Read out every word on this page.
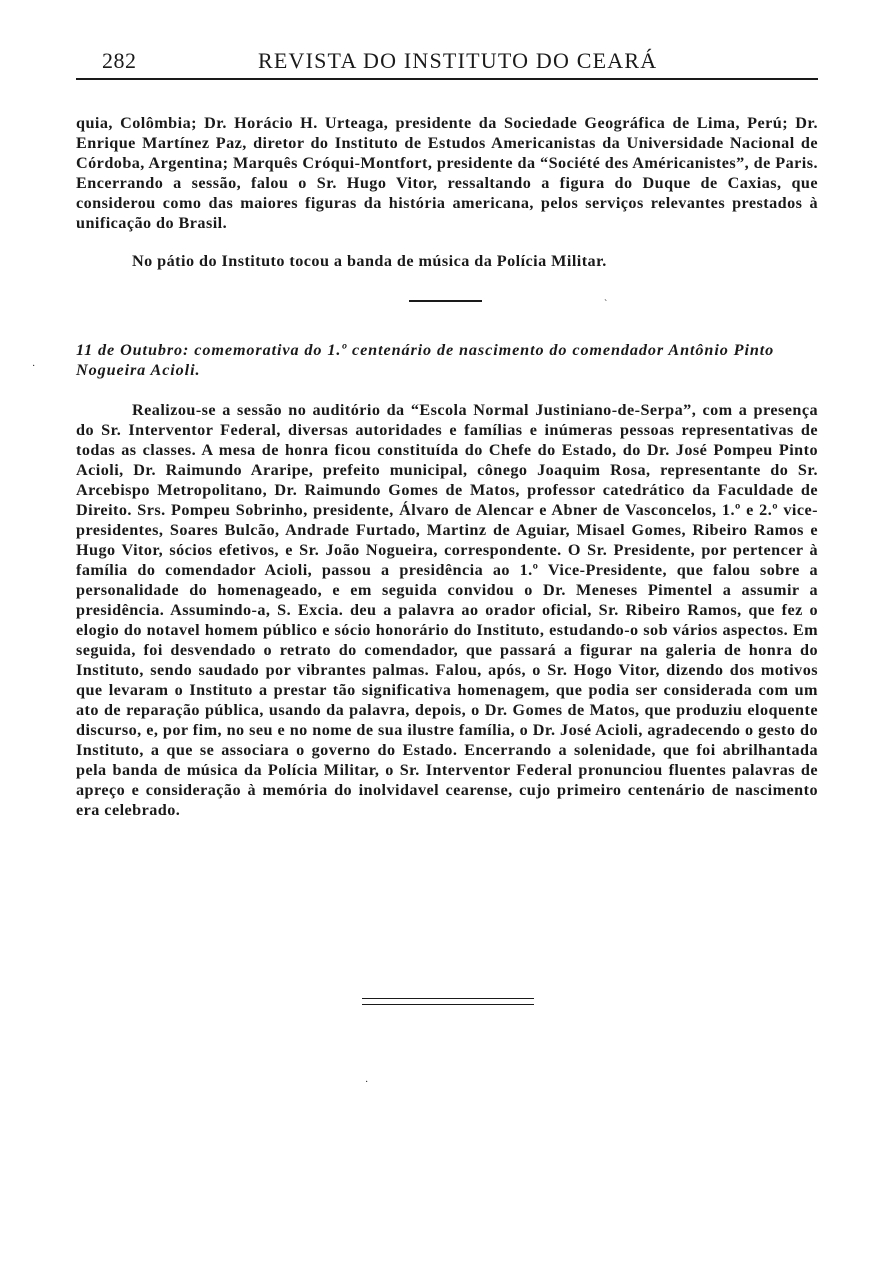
282	REVISTA DO INSTITUTO DO CEARÁ

quia, Colômbia; Dr. Horácio H. Urteaga, presidente da Sociedade Geográfica de Lima, Perú; Dr. Enrique Martínez Paz, diretor do Instituto de Estudos Americanistas da Universidade Nacional de Córdoba, Argentina; Marquês Cróqui-Montfort, presidente da “Société des Américanistes”, de Paris. Encerrando a sessão, falou o Sr. Hugo Vitor, ressaltando a figura do Duque de Caxias, que considerou como das maiores figuras da história americana, pelos serviços relevantes prestados à unificação do Brasil.

No pátio do Instituto tocou a banda de música da Polícia Militar.

ˋ

11 de Outubro: comemorativa do 1.º centenário de nascimento do comendador Antônio Pinto Nogueira Acioli.

·

Realizou-se a sessão no auditório da “Escola Normal Justiniano-de-Serpa”, com a presença do Sr. Interventor Federal, diversas autoridades e famílias e inúmeras pessoas representativas de todas as classes. A mesa de honra ficou constituída do Chefe do Estado, do Dr. José Pompeu Pinto Acioli, Dr. Raimundo Araripe, prefeito municipal, cônego Joaquim Rosa, representante do Sr. Arcebispo Metropolitano, Dr. Raimundo Gomes de Matos, professor catedrático da Faculdade de Direito. Srs. Pompeu Sobrinho, presidente, Álvaro de Alencar e Abner de Vasconcelos, 1.º e 2.º vice-presidentes, Soares Bulcão, Andrade Furtado, Martinz de Aguiar, Misael Gomes, Ribeiro Ramos e Hugo Vitor, sócios efetivos, e Sr. João Nogueira, correspondente. O Sr. Presidente, por pertencer à família do comendador Acioli, passou a presidência ao 1.º Vice-Presidente, que falou sobre a personalidade do homenageado, e em seguida convidou o Dr. Meneses Pimentel a assumir a presidência. Assumindo-a, S. Excia. deu a palavra ao orador oficial, Sr. Ribeiro Ramos, que fez o elogio do notavel homem público e sócio honorário do Instituto, estudando-o sob vários aspectos. Em seguida, foi desvendado o retrato do comendador, que passará a figurar na galeria de honra do Instituto, sendo saudado por vibrantes palmas. Falou, após, o Sr. Hogo Vitor, dizendo dos motivos que levaram o Instituto a prestar tão significativa homenagem, que podia ser considerada com um ato de reparação pública, usando da palavra, depois, o Dr. Gomes de Matos, que produziu eloquente discurso, e, por fim, no seu e no nome de sua ilustre família, o Dr. José Acioli, agradecendo o gesto do Instituto, a que se associara o governo do Estado. Encerrando a solenidade, que foi abrilhantada pela banda de música da Polícia Militar, o Sr. Interventor Federal pronunciou fluentes palavras de apreço e consideração à memória do inolvidavel cearense, cujo primeiro centenário de nascimento era celebrado.

·
